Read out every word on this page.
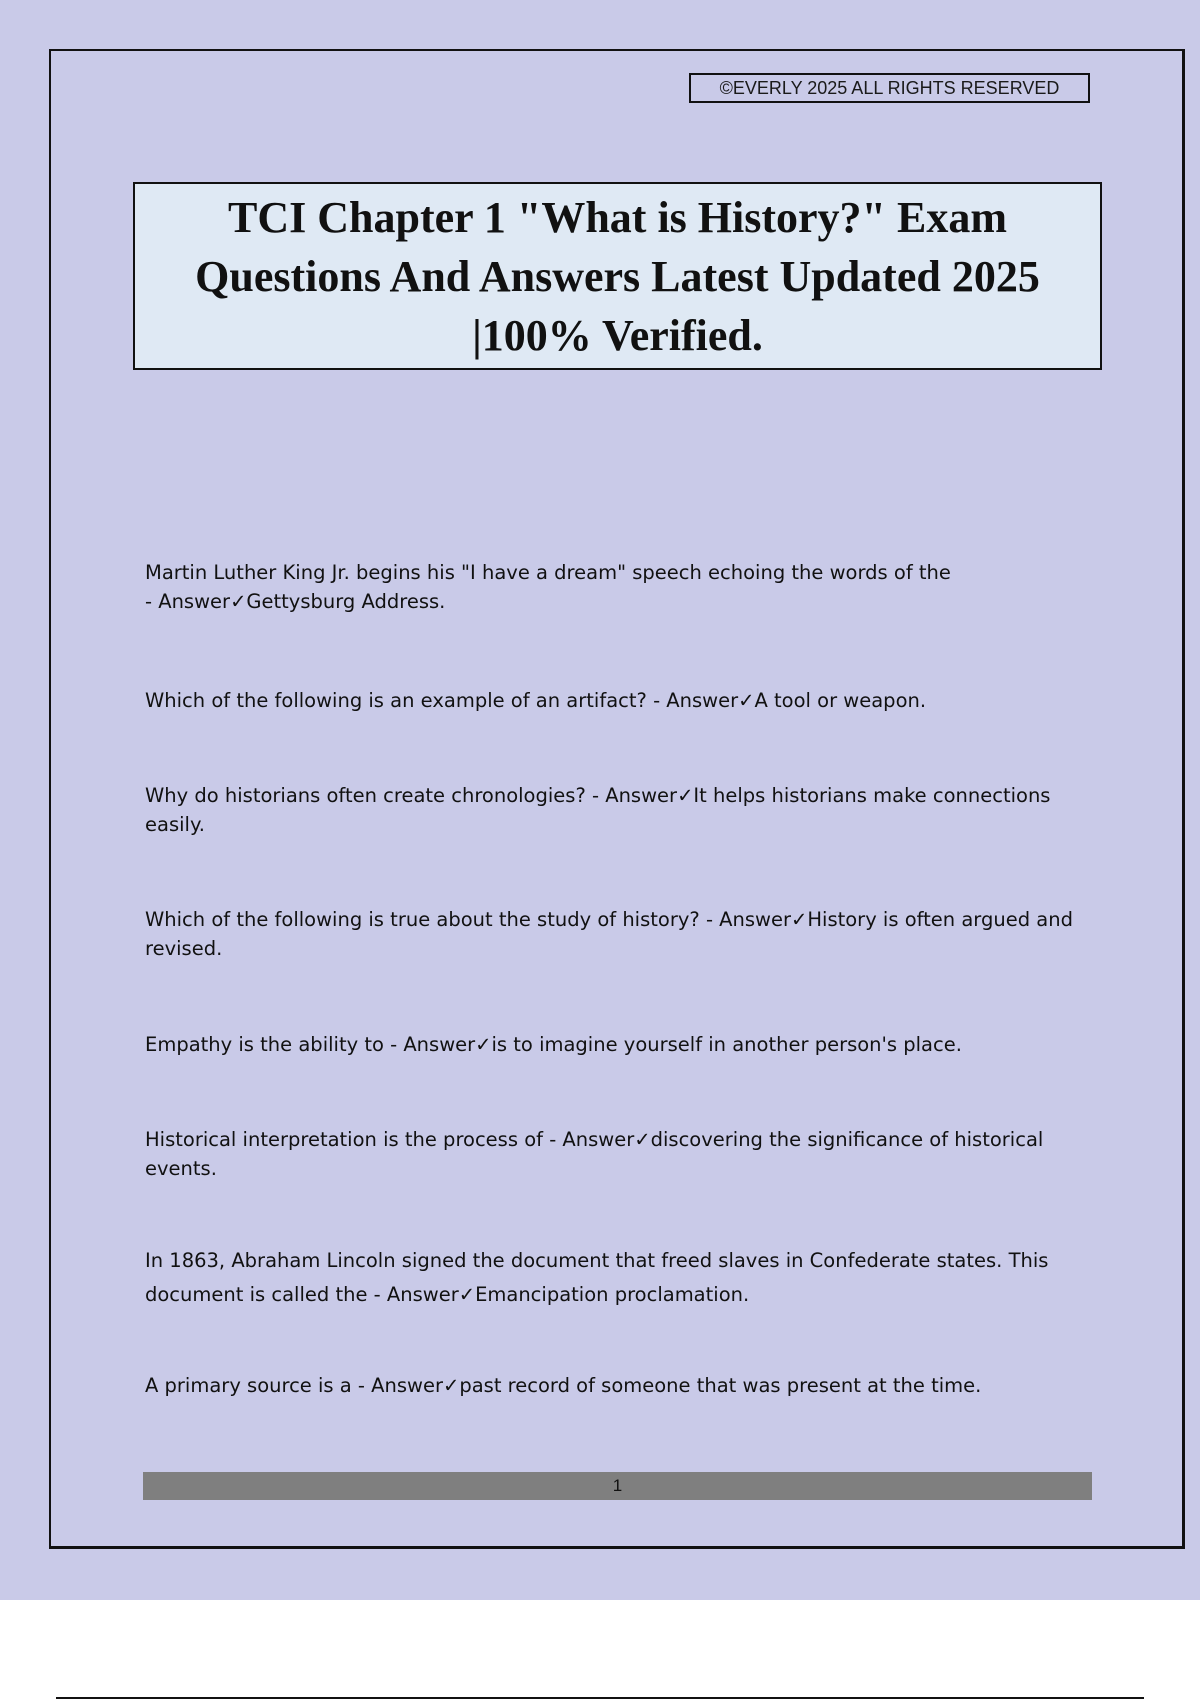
©EVERLY 2025 ALL RIGHTS RESERVED
TCI Chapter 1 "What is History?" Exam Questions And Answers Latest Updated 2025 |100% Verified.

Martin Luther King Jr. begins his "I have a dream" speech echoing the words of the - Answer✓Gettysburg Address.

Which of the following is an example of an artifact? - Answer✓A tool or weapon.

Why do historians often create chronologies? - Answer✓It helps historians make connections easily.

Which of the following is true about the study of history? - Answer✓History is often argued and revised.

Empathy is the ability to - Answer✓is to imagine yourself in another person's place.

Historical interpretation is the process of - Answer✓discovering the significance of historical events.

In 1863, Abraham Lincoln signed the document that freed slaves in Confederate states. This document is called the - Answer✓Emancipation proclamation.

A primary source is a - Answer✓past record of someone that was present at the time.

1
